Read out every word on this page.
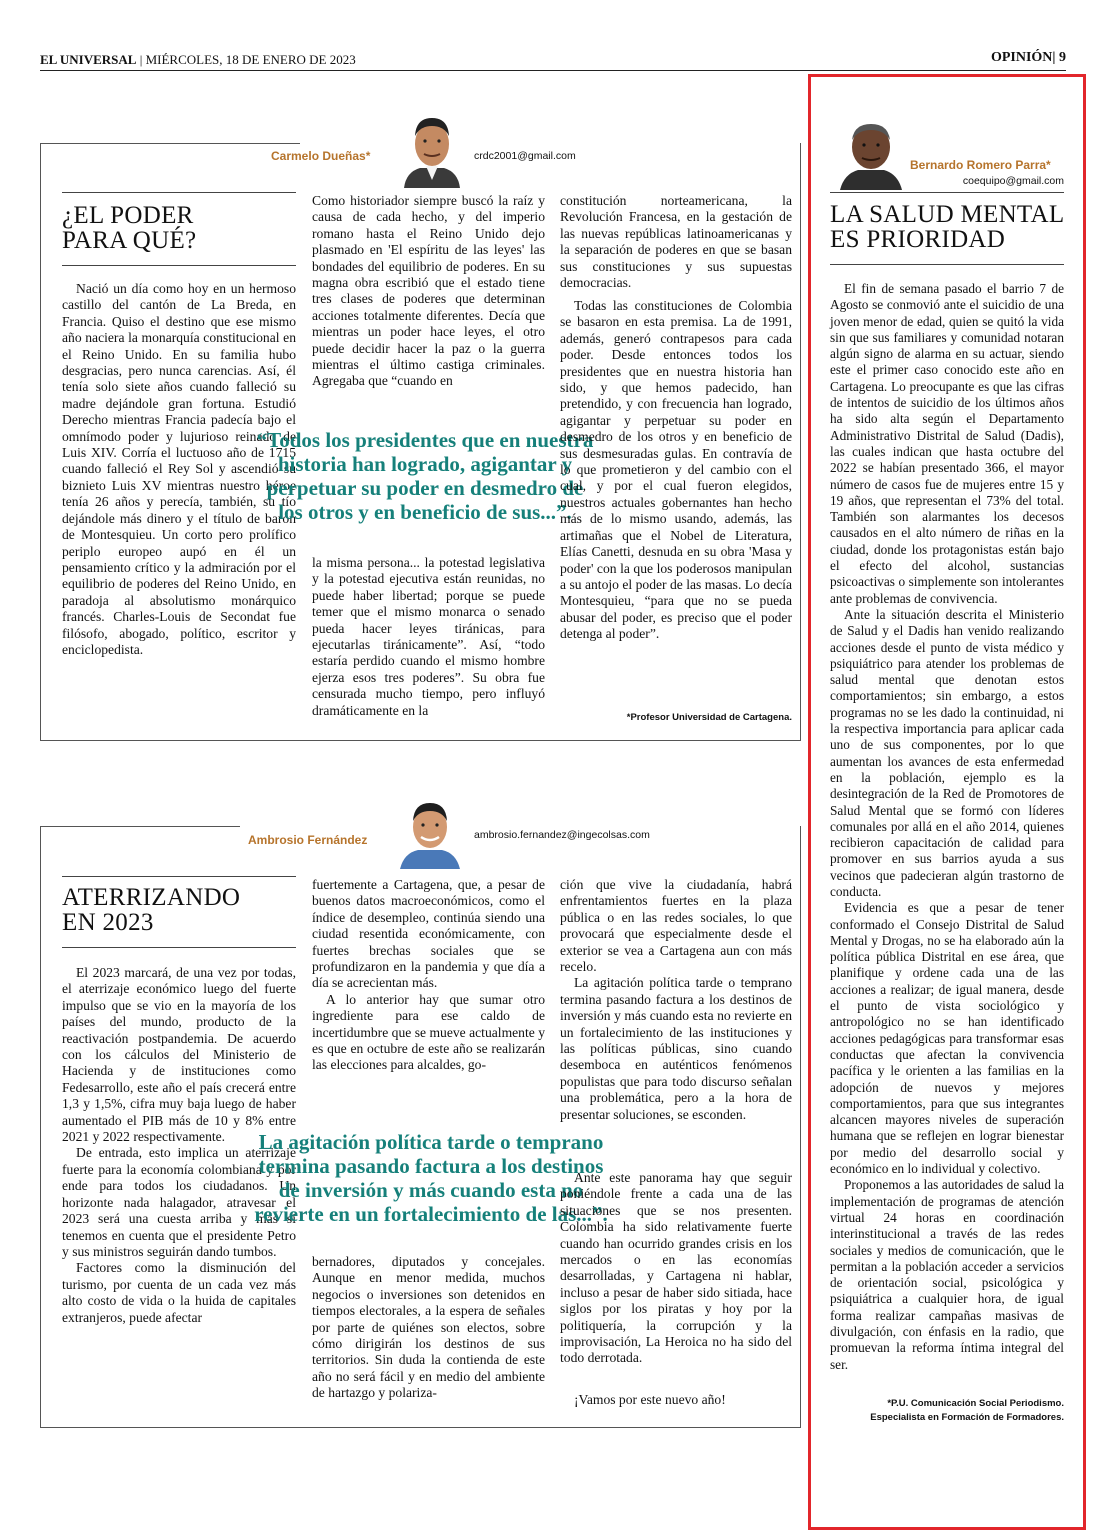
EL UNIVERSAL | MIÉRCOLES, 18 DE ENERO DE 2023	OPINIÓN| 9
Carmelo Dueñas*	crdc2001@gmail.com
¿EL PODER
PARA QUÉ?

Nació un día como hoy en un hermoso castillo del cantón de La Breda, en Francia. Quiso el destino que ese mismo año naciera la monarquía constitucional en el Reino Unido. En su familia hubo desgracias, pero nunca carencias. Así, él tenía solo siete años cuando falleció su madre dejándole gran fortuna. Estudió Derecho mientras Francia padecía bajo el omnímodo poder y lujurioso reinado de Luis XIV. Corría el luctuoso año de 1715 cuando falleció el Rey Sol y ascendió su biznieto Luis XV mientras nuestro héroe tenía 26 años y perecía, también, su tío dejándole más dinero y el título de barón de Montesquieu. Un corto pero prolífico periplo europeo aupó en él un pensamiento crítico y la admiración por el equilibrio de poderes del Reino Unido, en paradoja al absolutismo monárquico francés. Charles-Louis de Secondat fue filósofo, abogado, político, escritor y enciclopedista.

Como historiador siempre buscó la raíz y causa de cada hecho, y del imperio romano hasta el Reino Unido dejo plasmado en 'El espíritu de las leyes' las bondades del equilibrio de poderes. En su magna obra escribió que el estado tiene tres clases de poderes que determinan acciones totalmente diferentes. Decía que mientras un poder hace leyes, el otro puede decidir hacer la paz o la guerra mientras el último castiga criminales. Agregaba que “cuando en

“Todos los presidentes que en nuestra historia han logrado, agigantar y perpetuar su poder en desmedro de los otros y en beneficio de sus...”.

la misma persona... la potestad legislativa y la potestad ejecutiva están reunidas, no puede haber libertad; porque se puede temer que el mismo monarca o senado pueda hacer leyes tiránicas, para ejecutarlas tiránicamente”. Así, “todo estaría perdido cuando el mismo hombre ejerza esos tres poderes”. Su obra fue censurada mucho tiempo, pero influyó dramáticamente en la

constitución norteamericana, la Revolución Francesa, en la gestación de las nuevas repúblicas latinoamericanas y la separación de poderes en que se basan sus constituciones y sus supuestas democracias.

Todas las constituciones de Colombia se basaron en esta premisa. La de 1991, además, generó contrapesos para cada poder. Desde entonces todos los presidentes que en nuestra historia han sido, y que hemos padecido, han pretendido, y con frecuencia han logrado, agigantar y perpetuar su poder en desmedro de los otros y en beneficio de sus desmesuradas gulas. En contravía de lo que prometieron y del cambio con el cual, y por el cual fueron elegidos, nuestros actuales gobernantes han hecho más de lo mismo usando, además, las artimañas que el Nobel de Literatura, Elías Canetti, desnuda en su obra 'Masa y poder' con la que los poderosos manipulan a su antojo el poder de las masas. Lo decía Montesquieu, “para que no se pueda abusar del poder, es preciso que el poder detenga al poder”.

*Profesor Universidad de Cartagena.
Ambrosio Fernández	ambrosio.fernandez@ingecolsas.com
ATERRIZANDO
EN 2023

El 2023 marcará, de una vez por todas, el aterrizaje económico luego del fuerte impulso que se vio en la mayoría de los países del mundo, producto de la reactivación postpandemia. De acuerdo con los cálculos del Ministerio de Hacienda y de instituciones como Fedesarrollo, este año el país crecerá entre 1,3 y 1,5%, cifra muy baja luego de haber aumentado el PIB más de 10 y 8% entre 2021 y 2022 respectivamente.

De entrada, esto implica un aterrizaje fuerte para la economía colombiana y por ende para todos los ciudadanos. Un horizonte nada halagador, atravesar el 2023 será una cuesta arriba y más si tenemos en cuenta que el presidente Petro y sus ministros seguirán dando tumbos.

Factores como la disminución del turismo, por cuenta de un cada vez más alto costo de vida o la huida de capitales extranjeros, puede afectar

fuertemente a Cartagena, que, a pesar de buenos datos macroeconómicos, como el índice de desempleo, continúa siendo una ciudad resentida económicamente, con fuertes brechas sociales que se profundizaron en la pandemia y que día a día se acrecientan más.

A lo anterior hay que sumar otro ingrediente para ese caldo de incertidumbre que se mueve actualmente y es que en octubre de este año se realizarán las elecciones para alcaldes, go-

La agitación política tarde o temprano termina pasando factura a los destinos de inversión y más cuando esta no revierte en un fortalecimiento de las...”.

bernadores, diputados y concejales. Aunque en menor medida, muchos negocios o inversiones son detenidos en tiempos electorales, a la espera de señales por parte de quiénes son electos, sobre cómo dirigirán los destinos de sus territorios. Sin duda la contienda de este año no será fácil y en medio del ambiente de hartazgo y polariza-

ción que vive la ciudadanía, habrá enfrentamientos fuertes en la plaza pública o en las redes sociales, lo que provocará que especialmente desde el exterior se vea a Cartagena aun con más recelo.

La agitación política tarde o temprano termina pasando factura a los destinos de inversión y más cuando esta no revierte en un fortalecimiento de las instituciones y las políticas públicas, sino cuando desemboca en auténticos fenómenos populistas que para todo discurso señalan una problemática, pero a la hora de presentar soluciones, se esconden.

Ante este panorama hay que seguir poniéndole frente a cada una de las situaciones que se nos presenten. Colombia ha sido relativamente fuerte cuando han ocurrido grandes crisis en los mercados o en las economías desarrolladas, y Cartagena ni hablar, incluso a pesar de haber sido sitiada, hace siglos por los piratas y hoy por la politiquería, la corrupción y la improvisación, La Heroica no ha sido del todo derrotada.

¡Vamos por este nuevo año!

Bernardo Romero Parra*
coequipo@gmail.com
LA SALUD MENTAL
ES PRIORIDAD

El fin de semana pasado el barrio 7 de Agosto se conmovió ante el suicidio de una joven menor de edad, quien se quitó la vida sin que sus familiares y comunidad notaran algún signo de alarma en su actuar, siendo este el primer caso conocido este año en Cartagena. Lo preocupante es que las cifras de intentos de suicidio de los últimos años ha sido alta según el Departamento Administrativo Distrital de Salud (Dadis), las cuales indican que hasta octubre del 2022 se habían presentado 366, el mayor número de casos fue de mujeres entre 15 y 19 años, que representan el 73% del total. También son alarmantes los decesos causados en el alto número de riñas en la ciudad, donde los protagonistas están bajo el efecto del alcohol, sustancias psicoactivas o simplemente son intolerantes ante problemas de convivencia.

Ante la situación descrita el Ministerio de Salud y el Dadis han venido realizando acciones desde el punto de vista médico y psiquiátrico para atender los problemas de salud mental que denotan estos comportamientos; sin embargo, a estos programas no se les dado la continuidad, ni la respectiva importancia para aplicar cada uno de sus componentes, por lo que aumentan los avances de esta enfermedad en la población, ejemplo es la desintegración de la Red de Promotores de Salud Mental que se formó con líderes comunales por allá en el año 2014, quienes recibieron capacitación de calidad para promover en sus barrios ayuda a sus vecinos que padecieran algún trastorno de conducta.

Evidencia es que a pesar de tener conformado el Consejo Distrital de Salud Mental y Drogas, no se ha elaborado aún la política pública Distrital en ese área, que planifique y ordene cada una de las acciones a realizar; de igual manera, desde el punto de vista sociológico y antropológico no se han identificado acciones pedagógicas para transformar esas conductas que afectan la convivencia pacífica y le orienten a las familias en la adopción de nuevos y mejores comportamientos, para que sus integrantes alcancen mayores niveles de superación humana que se reflejen en lograr bienestar por medio del desarrollo social y económico en lo individual y colectivo.

Proponemos a las autoridades de salud la implementación de programas de atención virtual 24 horas en coordinación interinstitucional a través de las redes sociales y medios de comunicación, que le permitan a la población acceder a servicios de orientación social, psicológica y psiquiátrica a cualquier hora, de igual forma realizar campañas masivas de divulgación, con énfasis en la radio, que promuevan la reforma íntima integral del ser.

*P.U. Comunicación Social Periodismo.
Especialista en Formación de Formadores.
